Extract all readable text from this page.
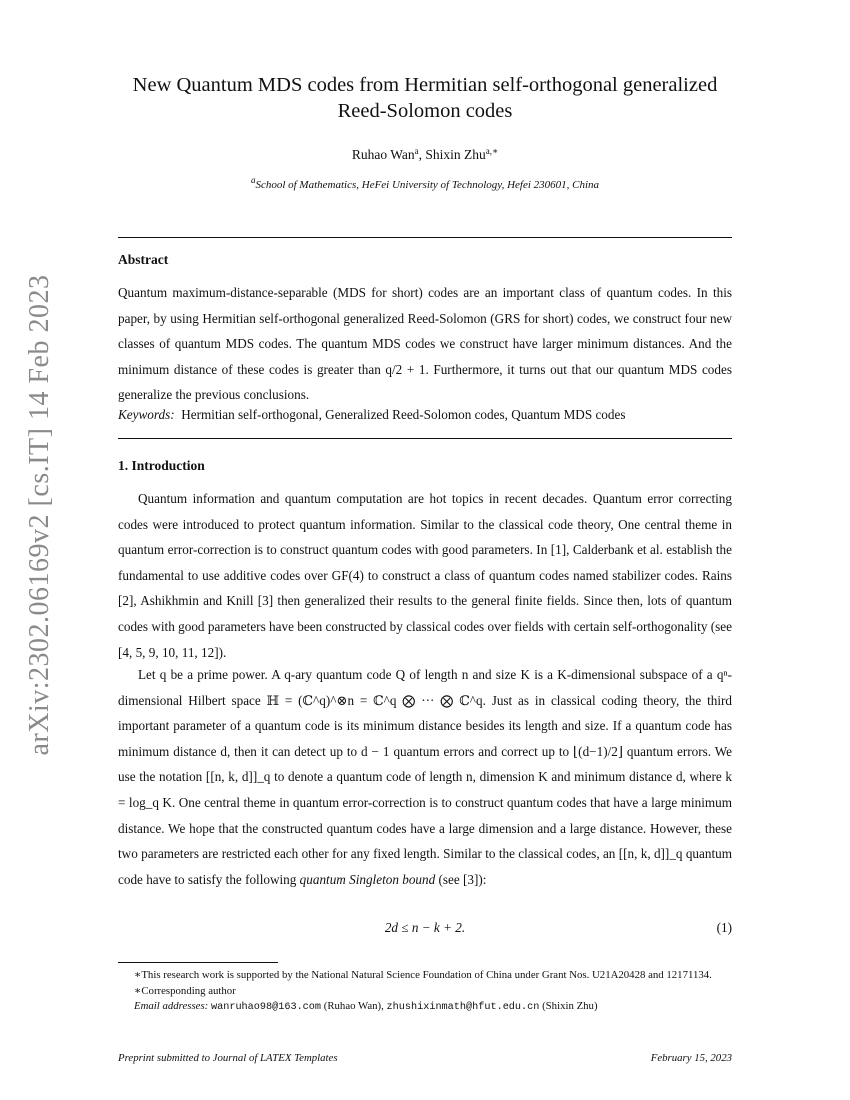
arXiv:2302.06169v2 [cs.IT] 14 Feb 2023
New Quantum MDS codes from Hermitian self-orthogonal generalized
Reed-Solomon codes
Ruhao Wan$^a$, Shixin Zhu$^{a,∗}$
$^a$School of Mathematics, HeFei University of Technology, Hefei 230601, China
Abstract

Quantum maximum-distance-separable (MDS for short) codes are an important class of quantum codes. In this paper, by using Hermitian self-orthogonal generalized Reed-Solomon (GRS for short) codes, we construct four new classes of quantum MDS codes. The quantum MDS codes we construct have larger minimum distances. And the minimum distance of these codes is greater than q/2 + 1. Furthermore, it turns out that our quantum MDS codes generalize the previous conclusions.

Keywords: Hermitian self-orthogonal, Generalized Reed-Solomon codes, Quantum MDS codes

1. Introduction

Quantum information and quantum computation are hot topics in recent decades. Quantum error correcting codes were introduced to protect quantum information. Similar to the classical code theory, One central theme in quantum error-correction is to construct quantum codes with good parameters. In [1], Calderbank et al. establish the fundamental to use additive codes over GF(4) to construct a class of quantum codes named stabilizer codes. Rains [2], Ashikhmin and Knill [3] then generalized their results to the general finite fields. Since then, lots of quantum codes with good parameters have been constructed by classical codes over fields with certain self-orthogonality (see [4, 5, 9, 10, 11, 12]).

Let q be a prime power. A q-ary quantum code Q of length n and size K is a K-dimensional subspace of a qⁿ-dimensional Hilbert space ℍ = (ℂ^q)^⊗n = ℂ^q ⨂ ··· ⨂ ℂ^q. Just as in classical coding theory, the third important parameter of a quantum code is its minimum distance besides its length and size. If a quantum code has minimum distance d, then it can detect up to d − 1 quantum errors and correct up to ⌊(d−1)/2⌋ quantum errors. We use the notation [[n, k, d]]_q to denote a quantum code of length n, dimension K and minimum distance d, where k = log_q K. One central theme in quantum error-correction is to construct quantum codes that have a large minimum distance. We hope that the constructed quantum codes have a large dimension and a large distance. However, these two parameters are restricted each other for any fixed length. Similar to the classical codes, an [[n, k, d]]_q quantum code have to satisfy the following quantum Singleton bound (see [3]):

2d ≤ n − k + 2.	(1)

∗This research work is supported by the National Natural Science Foundation of China under Grant Nos. U21A20428 and 12171134.

∗Corresponding author

Email addresses: wanruhao98@163.com (Ruhao Wan), zhushixinmath@hfut.edu.cn (Shixin Zhu)

Preprint submitted to Journal of LATEX Templates	February 15, 2023
